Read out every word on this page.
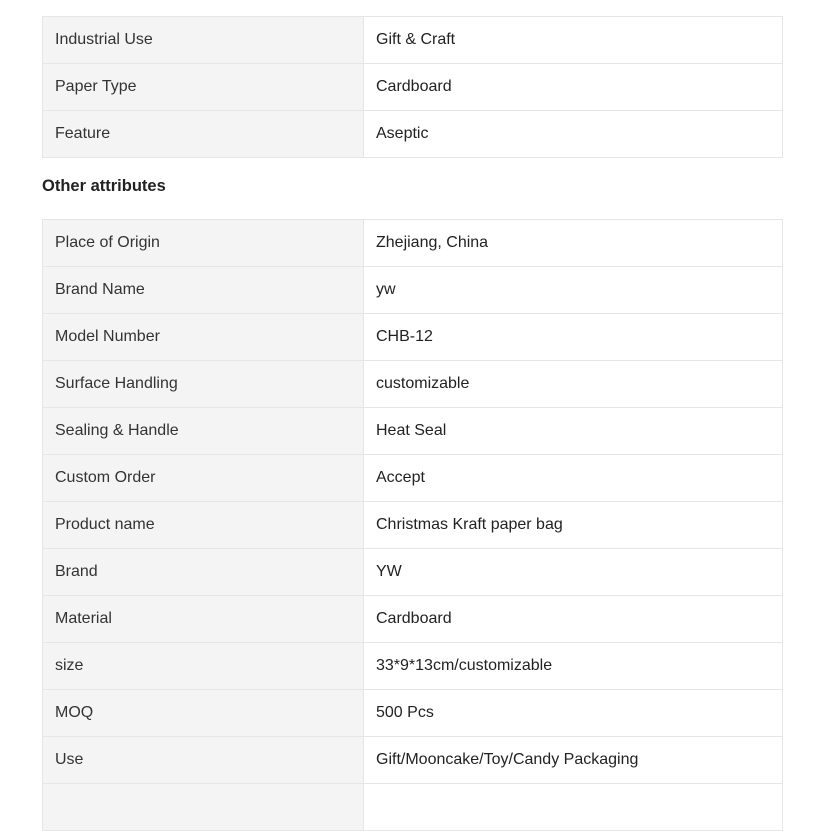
Industrial Use	Gift & Craft
Paper Type	Cardboard
Feature	Aseptic
Other attributes
Place of Origin	Zhejiang, China
Brand Name	yw
Model Number	CHB-12
Surface Handling	customizable
Sealing & Handle	Heat Seal
Custom Order	Accept
Product name	Christmas Kraft paper bag
Brand	YW
Material	Cardboard
size	33*9*13cm/customizable
MOQ	500 Pcs
Use	Gift/Mooncake/Toy/Candy Packaging
